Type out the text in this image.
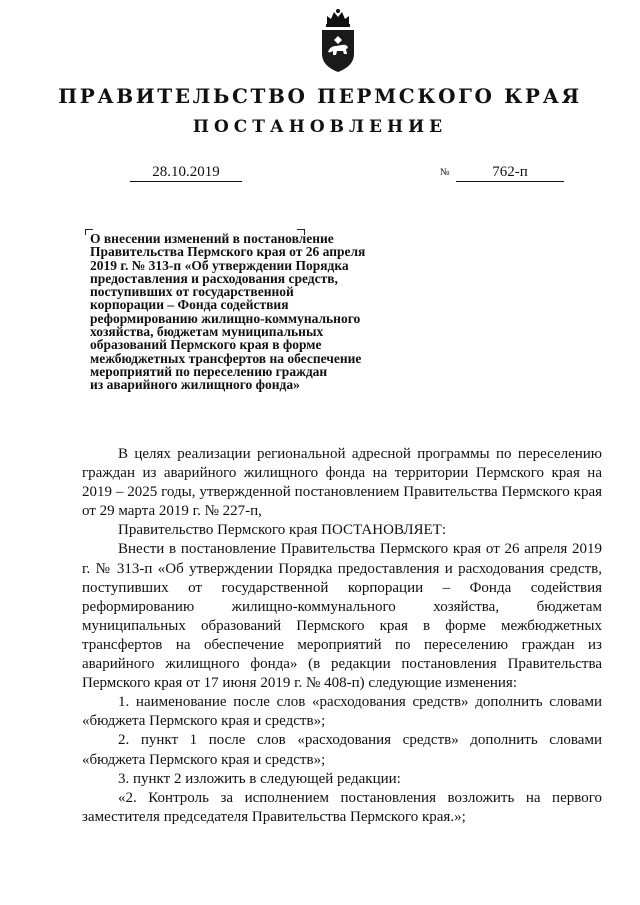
ПРАВИТЕЛЬСТВО ПЕРМСКОГО КРАЯ
ПОСТАНОВЛЕНИЕ
28.10.2019	№	762-п

О внесении изменений в постановление
Правительства Пермского края от 26 апреля
2019 г. № 313-п «Об утверждении Порядка
предоставления и расходования средств,
поступивших от государственной
корпорации – Фонда содействия
реформированию жилищно-коммунального
хозяйства, бюджетам муниципальных
образований Пермского края в форме
межбюджетных трансфертов на обеспечение
мероприятий по переселению граждан
из аварийного жилищного фонда»

В целях реализации региональной адресной программы по переселению граждан из аварийного жилищного фонда на территории Пермского края на 2019 – 2025 годы, утвержденной постановлением Правительства Пермского края от 29 марта 2019 г. № 227-п,

Правительство Пермского края ПОСТАНОВЛЯЕТ:

Внести в постановление Правительства Пермского края от 26 апреля 2019 г. № 313-п «Об утверждении Порядка предоставления и расходования средств, поступивших от государственной корпорации – Фонда содействия реформированию жилищно-коммунального хозяйства, бюджетам муниципальных образований Пермского края в форме межбюджетных трансфертов на обеспечение мероприятий по переселению граждан из аварийного жилищного фонда» (в редакции постановления Правительства Пермского края от 17 июня 2019 г. № 408-п) следующие изменения:

1. наименование после слов «расходования средств» дополнить словами «бюджета Пермского края и средств»;

2. пункт 1 после слов «расходования средств» дополнить словами «бюджета Пермского края и средств»;

3. пункт 2 изложить в следующей редакции:

«2. Контроль за исполнением постановления возложить на первого заместителя председателя Правительства Пермского края.»;
